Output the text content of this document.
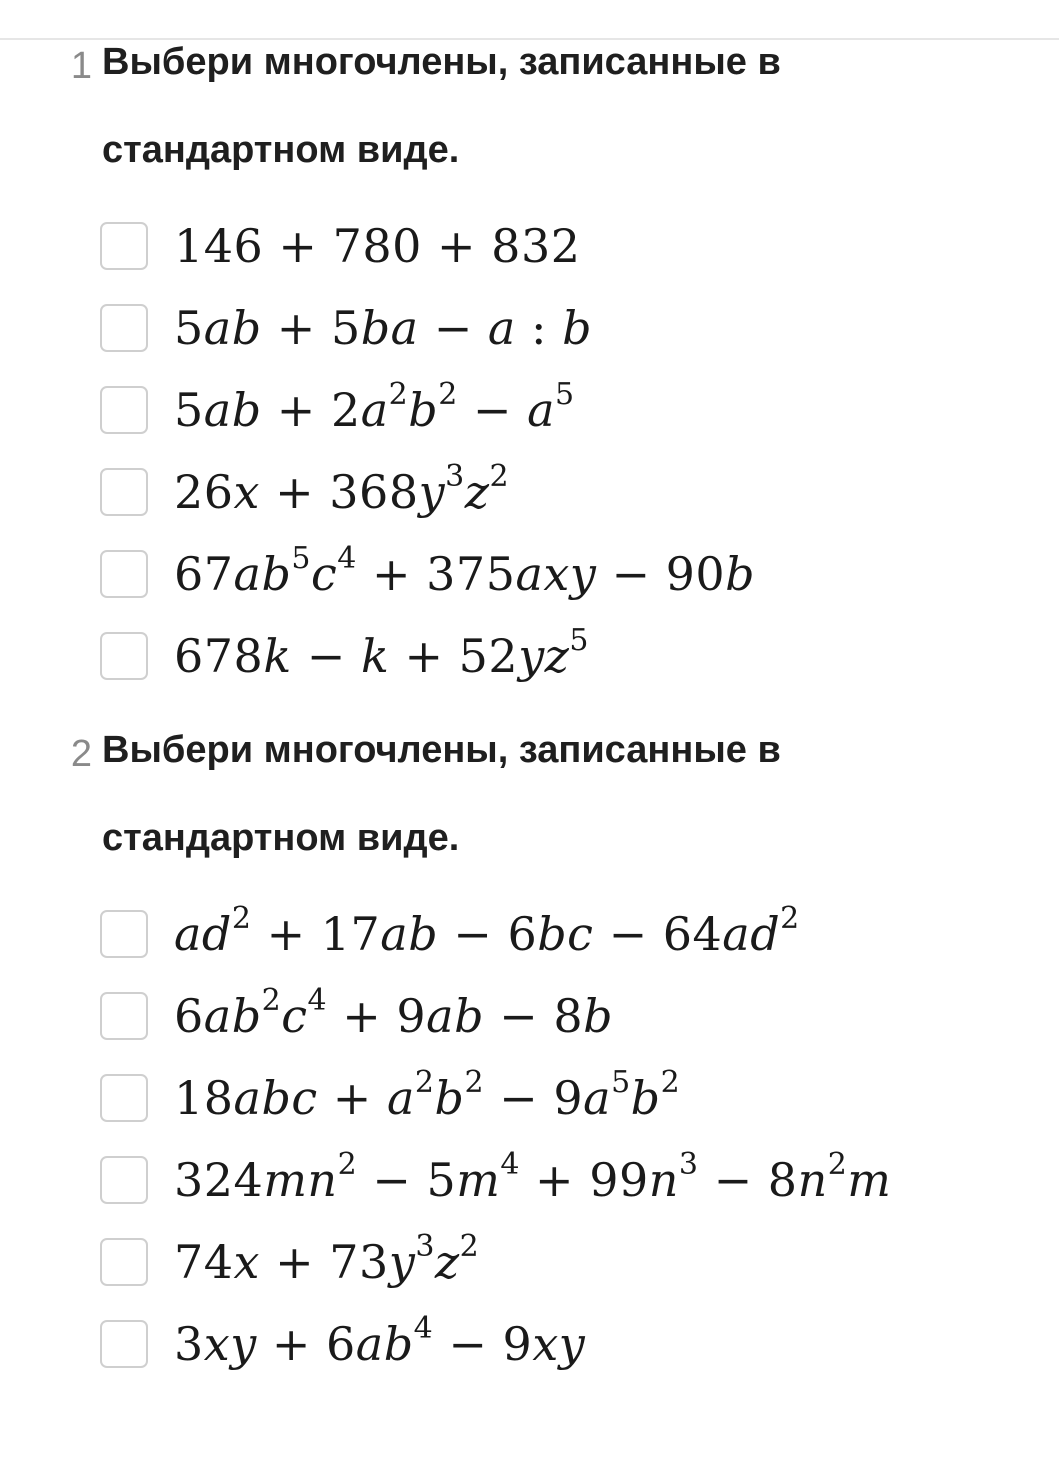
1 Выбери многочлены, записанные в стандартном виде.
146 + 780 + 832
5ab + 5ba − a : b
$5ab + 2a^2b^2 - a^5$
$26x + 368y^3z^2$
$67ab^5c^4 + 375axy - 90b$
$678k - k + 52yz^5$
2 Выбери многочлены, записанные в стандартном виде.
$ad^2 + 17ab - 6bc - 64ad^2$
$6ab^2c^4 + 9ab - 8b$
$18abc + a^2b^2 - 9a^5b^2$
$324mn^2 - 5m^4 + 99n^3 - 8n^2m$
$74x + 73y^3z^2$
$3xy + 6ab^4 - 9xy$
